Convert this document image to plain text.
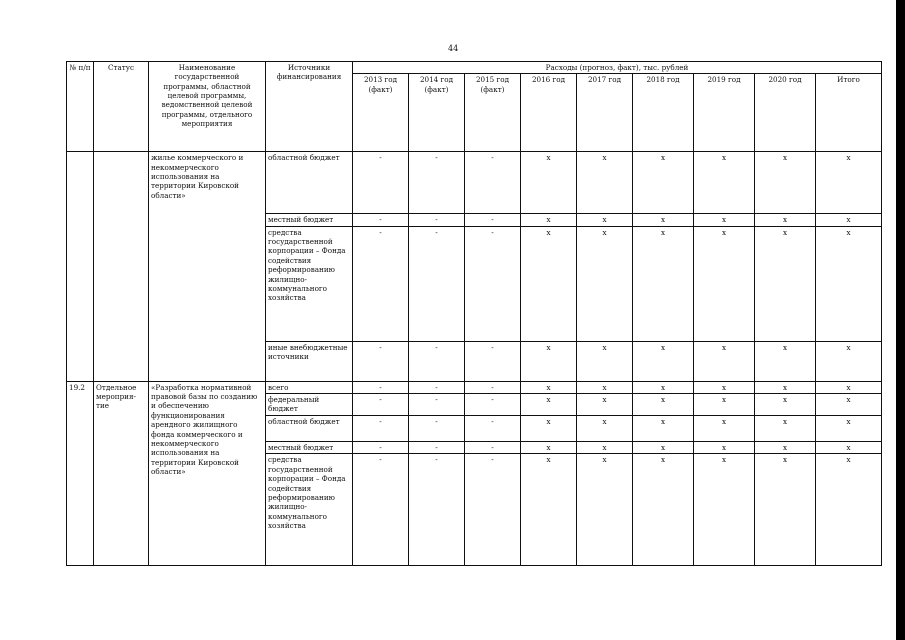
44
№ п/п	Статус	Наименование государственной программы, областной целевой программы, ведомственной целевой программы, отдельного мероприятия	Источники финансирования	Расходы (прогноз, факт), тыс. рублей								
				2013 год (факт)	2014 год (факт)	2015 год (факт)	2016 год	2017 год	2018 год	2019 год	2020 год	Итого
		жилье коммерческого и некоммерческого использования на территории Кировской области»	областной бюджет	-	-	-	x	x	x	x	x	x
			местный бюджет	-	-	-	x	x	x	x	x	x
			средства государственной корпорации – Фонда содействия реформированию жилищно-коммунального хозяйства	-	-	-	x	x	x	x	x	x
			иные внебюджетные источники	-	-	-	x	x	x	x	x	x
19.2	Отдельное мероприя-тие	«Разработка нормативной правовой базы по созданию и обеспечению функционирования арендного жилищного фонда коммерческого и некоммерческого использования на территории Кировской области»	всего	-	-	-	x	x	x	x	x	x
			федеральный бюджет	-	-	-	x	x	x	x	x	x
			областной бюджет	-	-	-	x	x	x	x	x	x
			местный бюджет	-	-	-	x	x	x	x	x	x
			средства государственной корпорации – Фонда содействия реформированию жилищно-коммунального хозяйства	-	-	-	x	x	x	x	x	x
